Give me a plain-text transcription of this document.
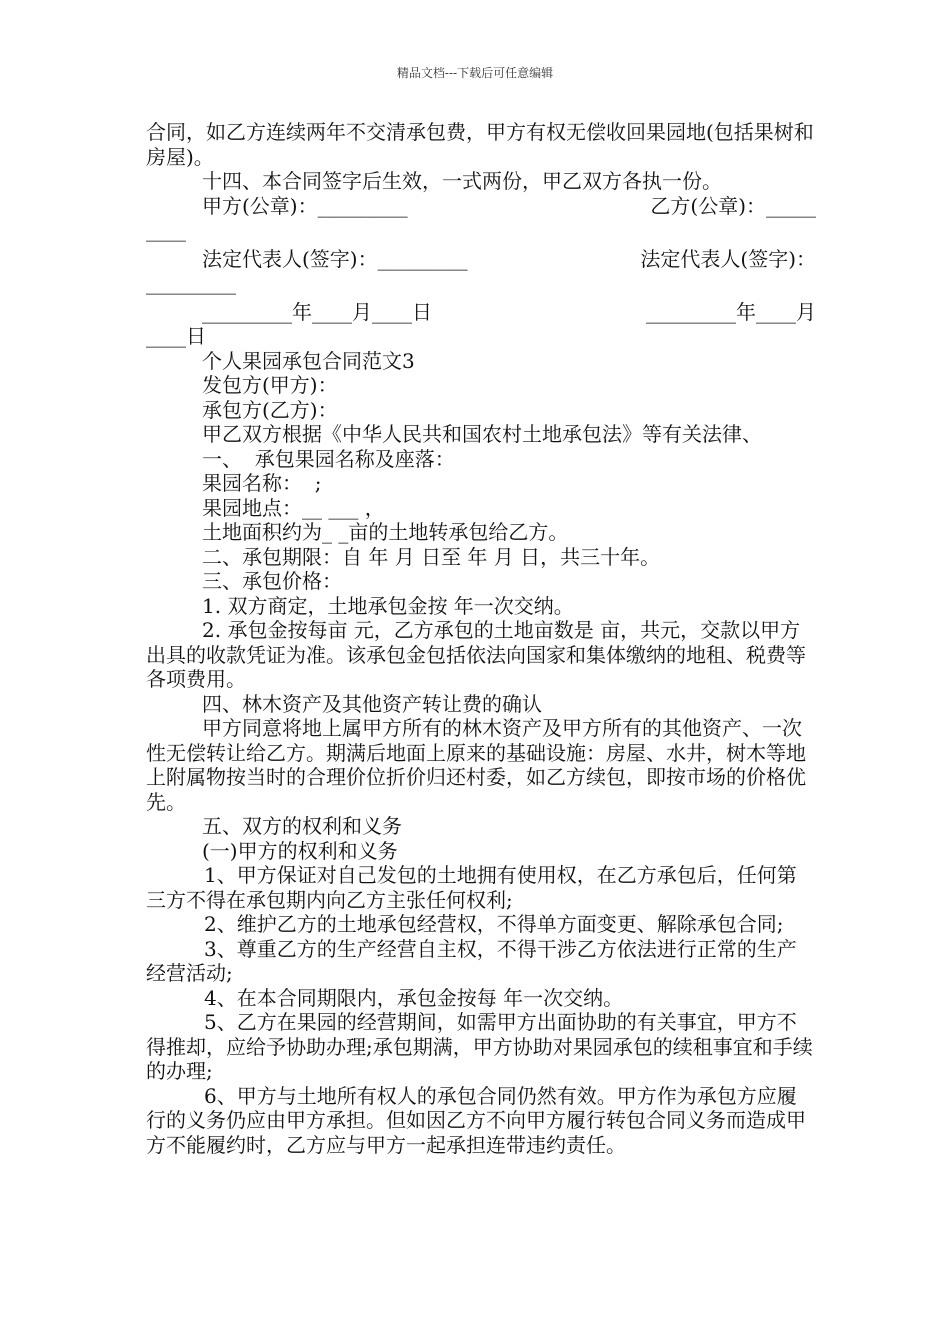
精品文档---下载后可任意编辑

合同，如乙方连续两年不交清承包费，甲方有权无偿收回果园地(包括果树和房屋)。

十四、本合同签字后生效，一式两份，甲乙双方各执一份。

甲方(公章)：_________	乙方(公章)：_____

____

法定代表人(签字)：_________	法定代表人(签字)：

_________

_________年____月____日	_________年____月

____日

个人果园承包合同范文3

发包方(甲方)：

承包方(乙方)：

甲乙双方根据《中华人民共和国农村土地承包法》等有关法律、

一、  承包果园名称及座落：

果园名称：  ;

果园地点：__ ___ ，

土地面积约为_ _亩的土地转承包给乙方。

二、承包期限：自 年 月 日至 年 月 日，共三十年。

三、承包价格：

1. 双方商定，土地承包金按 年一次交纳。

2. 承包金按每亩 元，乙方承包的土地亩数是 亩，共元，交款以甲方出具的收款凭证为准。该承包金包括依法向国家和集体缴纳的地租、税费等各项费用。

四、林木资产及其他资产转让费的确认

甲方同意将地上属甲方所有的林木资产及甲方所有的其他资产、一次性无偿转让给乙方。期满后地面上原来的基础设施：房屋、水井，树木等地上附属物按当时的合理价位折价归还村委，如乙方续包，即按市场的价格优先。

五、双方的权利和义务

(一)甲方的权利和义务

1、甲方保证对自己发包的土地拥有使用权，在乙方承包后，任何第三方不得在承包期内向乙方主张任何权利;

2、维护乙方的土地承包经营权，不得单方面变更、解除承包合同;

3、尊重乙方的生产经营自主权，不得干涉乙方依法进行正常的生产经营活动;

4、在本合同期限内，承包金按每 年一次交纳。

5、乙方在果园的经营期间，如需甲方出面协助的有关事宜，甲方不得推却，应给予协助办理;承包期满，甲方协助对果园承包的续租事宜和手续的办理;

6、甲方与土地所有权人的承包合同仍然有效。甲方作为承包方应履行的义务仍应由甲方承担。但如因乙方不向甲方履行转包合同义务而造成甲方不能履约时，乙方应与甲方一起承担连带违约责任。
